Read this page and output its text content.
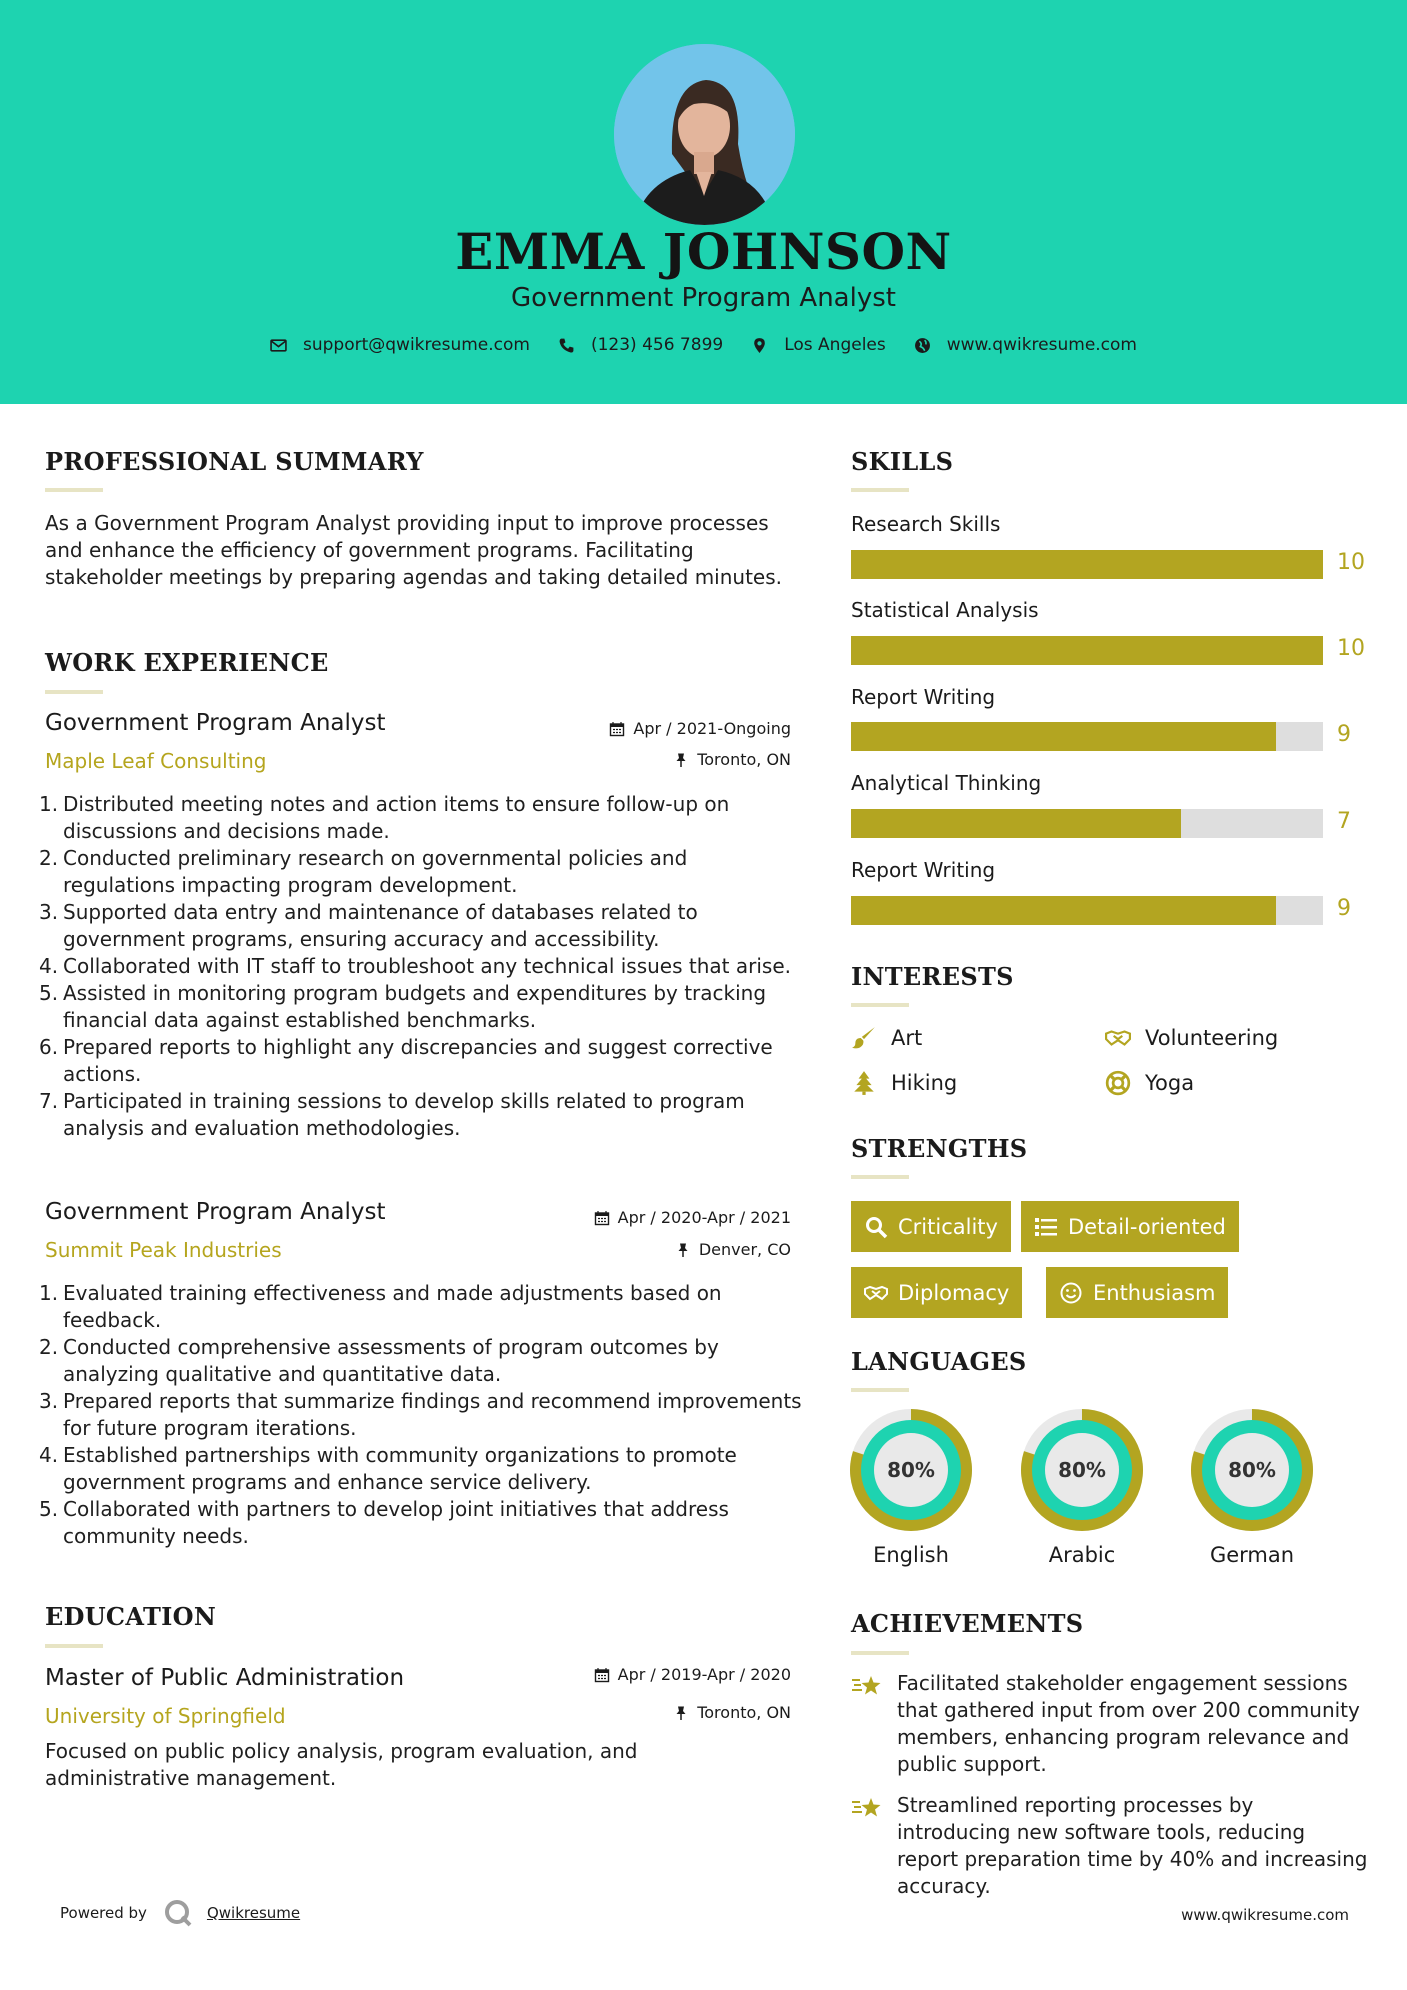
EMMA JOHNSON
Government Program Analyst
support@qwikresume.com	(123) 456 7899	Los Angeles	www.qwikresume.com
PROFESSIONAL SUMMARY
As a Government Program Analyst providing input to improve processes and enhance the efficiency of government programs. Facilitating stakeholder meetings by preparing agendas and taking detailed minutes.
WORK EXPERIENCE
Government Program Analyst	Apr / 2021-Ongoing
Maple Leaf Consulting	Toronto, ON
1. Distributed meeting notes and action items to ensure follow-up on discussions and decisions made.
2. Conducted preliminary research on governmental policies and regulations impacting program development.
3. Supported data entry and maintenance of databases related to government programs, ensuring accuracy and accessibility.
4. Collaborated with IT staff to troubleshoot any technical issues that arise.
5. Assisted in monitoring program budgets and expenditures by tracking financial data against established benchmarks.
6. Prepared reports to highlight any discrepancies and suggest corrective actions.
7. Participated in training sessions to develop skills related to program analysis and evaluation methodologies.
Government Program Analyst	Apr / 2020-Apr / 2021
Summit Peak Industries	Denver, CO
1. Evaluated training effectiveness and made adjustments based on feedback.
2. Conducted comprehensive assessments of program outcomes by analyzing qualitative and quantitative data.
3. Prepared reports that summarize findings and recommend improvements for future program iterations.
4. Established partnerships with community organizations to promote government programs and enhance service delivery.
5. Collaborated with partners to develop joint initiatives that address community needs.
EDUCATION
Master of Public Administration	Apr / 2019-Apr / 2020
University of Springfield	Toronto, ON
Focused on public policy analysis, program evaluation, and administrative management.
SKILLS
Research Skills
10
Statistical Analysis
10
Report Writing
9
Analytical Thinking
7
Report Writing
9
INTERESTS
Art	Volunteering
Hiking	Yoga
STRENGTHS
Criticality	Detail-oriented
Diplomacy	Enthusiasm
LANGUAGES
80%
English
80%
Arabic
80%
German
ACHIEVEMENTS
Facilitated stakeholder engagement sessions that gathered input from over 200 community members, enhancing program relevance and public support.
Streamlined reporting processes by introducing new software tools, reducing report preparation time by 40% and increasing accuracy.
Powered by	Qwikresume	www.qwikresume.com
